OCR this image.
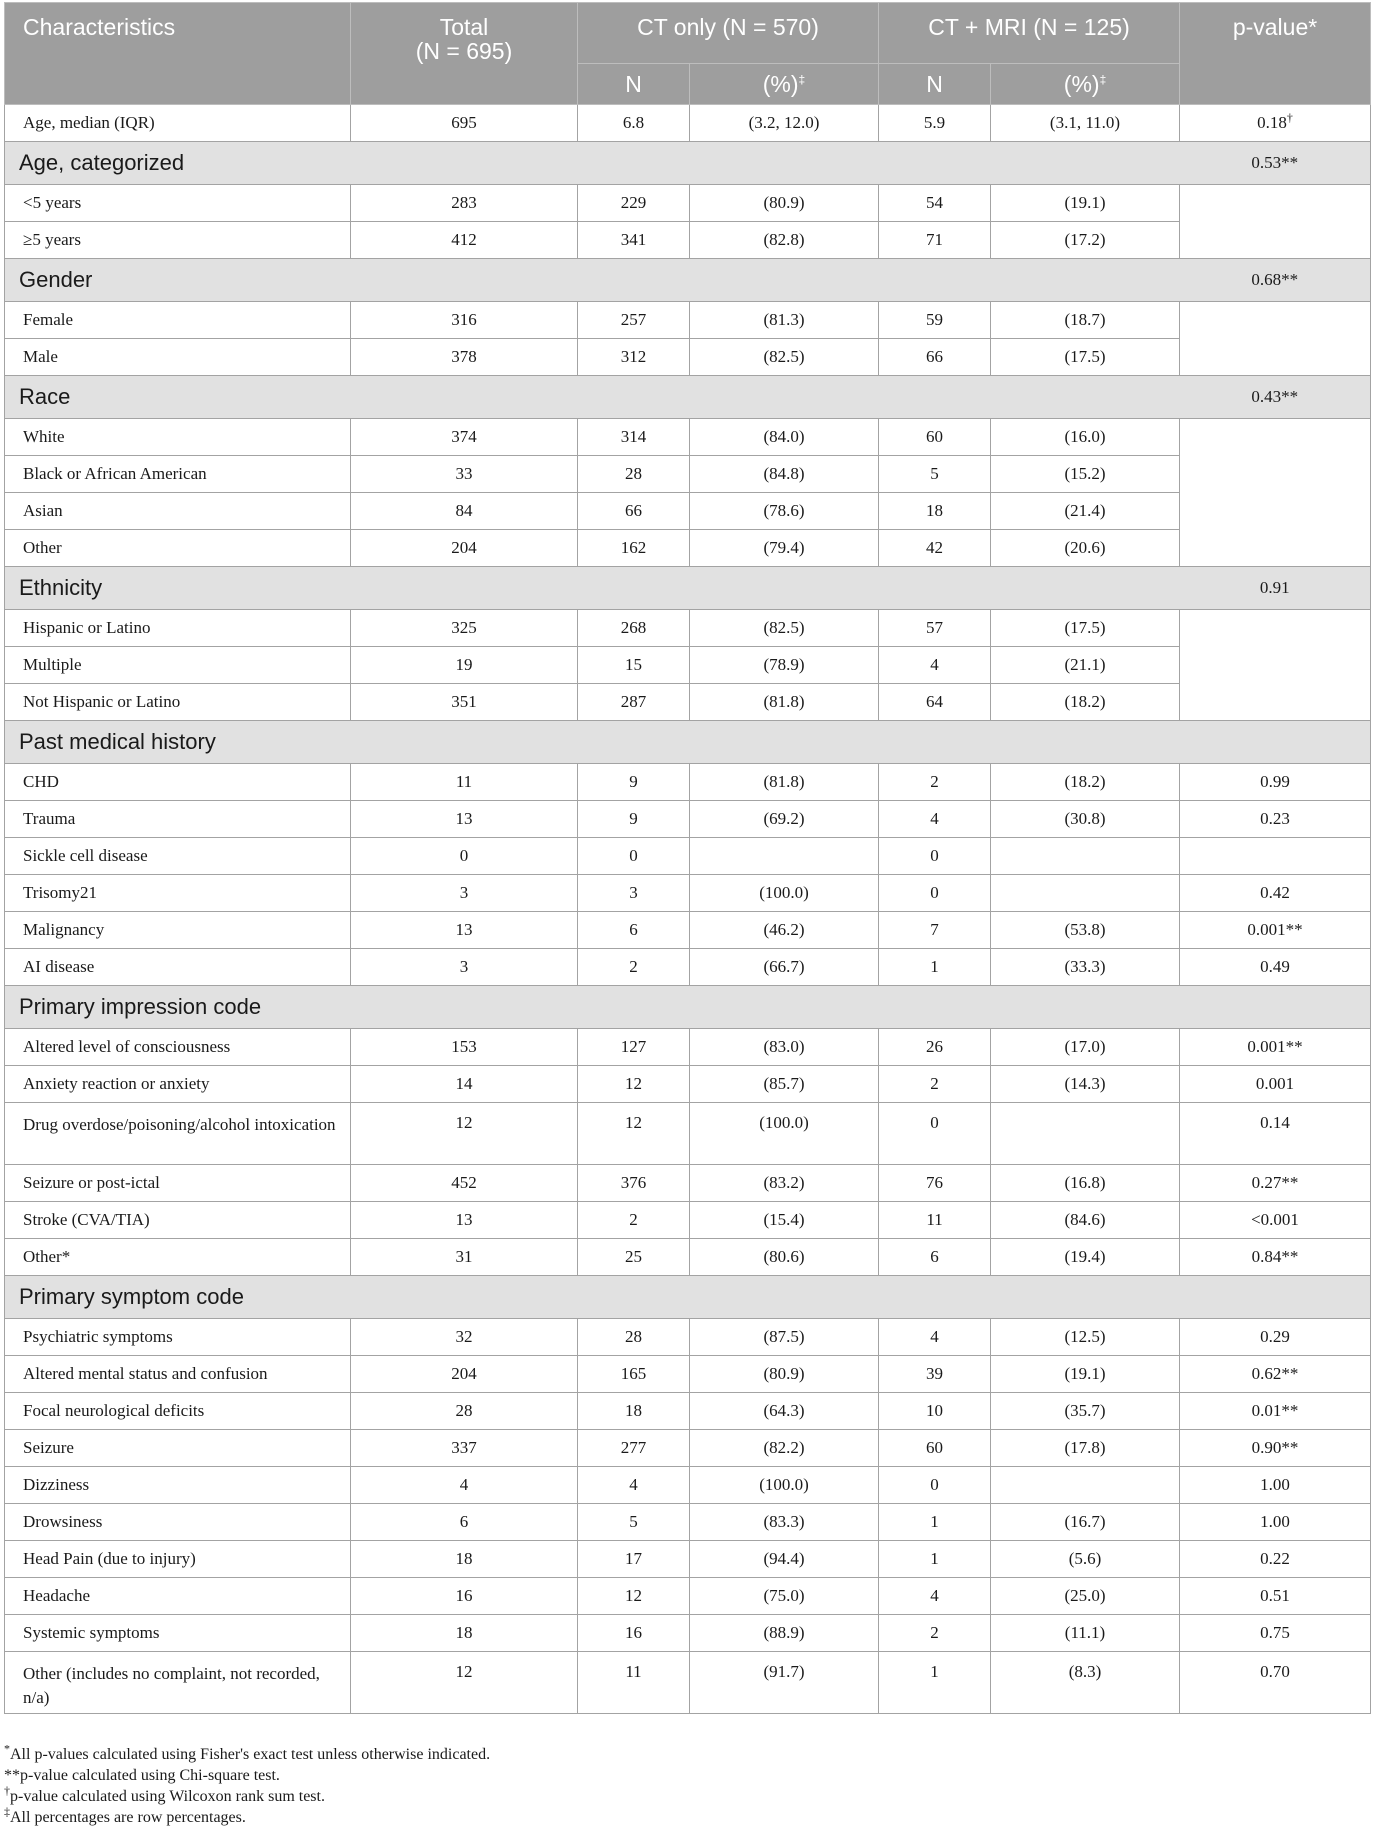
Characteristics	Total
(N = 695)	CT only (N = 570)		CT + MRI (N = 125)		p-value*
		N	(%)‡	N	(%)‡
Age, median (IQR)	695	6.8	(3.2, 12.0)	5.9	(3.1, 11.0)	0.18†
Age, categorized						0.53**
<5 years	283	229	(80.9)	54	(19.1)	
≥5 years	412	341	(82.8)	71	(17.2)	
Gender						0.68**
Female	316	257	(81.3)	59	(18.7)	
Male	378	312	(82.5)	66	(17.5)	
Race						0.43**
White	374	314	(84.0)	60	(16.0)	
Black or African American	33	28	(84.8)	5	(15.2)	
Asian	84	66	(78.6)	18	(21.4)	
Other	204	162	(79.4)	42	(20.6)	
Ethnicity						0.91
Hispanic or Latino	325	268	(82.5)	57	(17.5)	
Multiple	19	15	(78.9)	4	(21.1)	
Not Hispanic or Latino	351	287	(81.8)	64	(18.2)	
Past medical history						
CHD	11	9	(81.8)	2	(18.2)	0.99
Trauma	13	9	(69.2)	4	(30.8)	0.23
Sickle cell disease	0	0		0		
Trisomy21	3	3	(100.0)	0		0.42
Malignancy	13	6	(46.2)	7	(53.8)	0.001**
AI disease	3	2	(66.7)	1	(33.3)	0.49
Primary impression code						
Altered level of consciousness	153	127	(83.0)	26	(17.0)	0.001**
Anxiety reaction or anxiety	14	12	(85.7)	2	(14.3)	0.001
Drug overdose/poisoning/alcohol intoxication	12	12	(100.0)	0		0.14
Seizure or post-ictal	452	376	(83.2)	76	(16.8)	0.27**
Stroke (CVA/TIA)	13	2	(15.4)	11	(84.6)	<0.001
Other*	31	25	(80.6)	6	(19.4)	0.84**
Primary symptom code						
Psychiatric symptoms	32	28	(87.5)	4	(12.5)	0.29
Altered mental status and confusion	204	165	(80.9)	39	(19.1)	0.62**
Focal neurological deficits	28	18	(64.3)	10	(35.7)	0.01**
Seizure	337	277	(82.2)	60	(17.8)	0.90**
Dizziness	4	4	(100.0)	0		1.00
Drowsiness	6	5	(83.3)	1	(16.7)	1.00
Head Pain (due to injury)	18	17	(94.4)	1	(5.6)	0.22
Headache	16	12	(75.0)	4	(25.0)	0.51
Systemic symptoms	18	16	(88.9)	2	(11.1)	0.75
Other (includes no complaint, not recorded, n/a)	12	11	(91.7)	1	(8.3)	0.70
*All p-values calculated using Fisher's exact test unless otherwise indicated.
**p-value calculated using Chi-square test.
†p-value calculated using Wilcoxon rank sum test.
‡All percentages are row percentages.
